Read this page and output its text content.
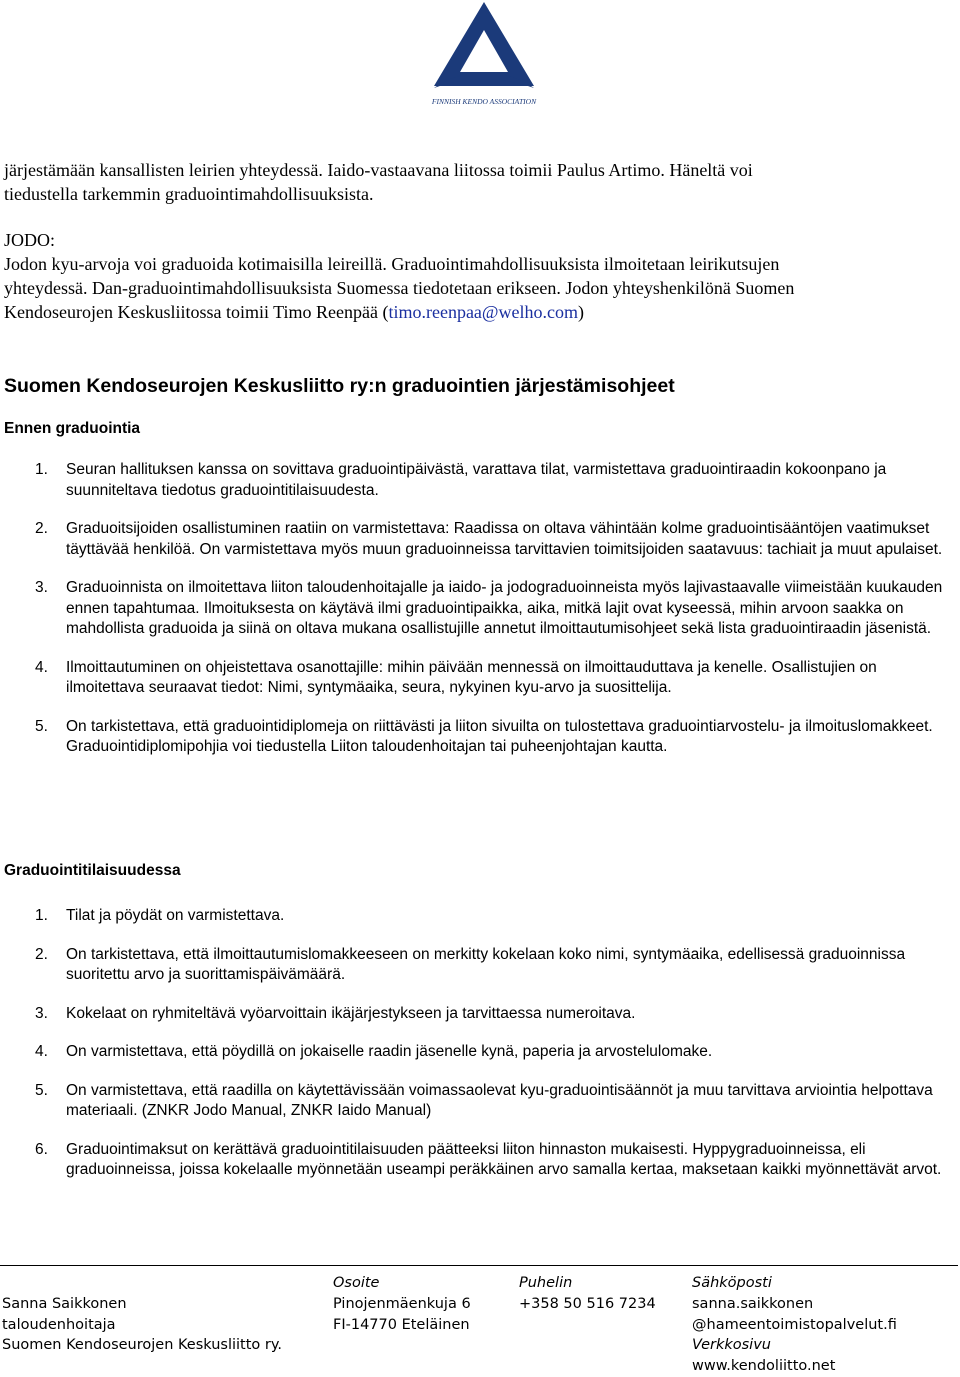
FINNISH KENDO ASSOCIATION

järjestämään kansallisten leirien yhteydessä. Iaido-vastaavana liitossa toimii Paulus Artimo. Häneltä voi

tiedustella tarkemmin graduointimahdollisuuksista.

JODO:

Jodon kyu-arvoja voi graduoida kotimaisilla leireillä. Graduointimahdollisuuksista ilmoitetaan leirikutsujen

yhteydessä. Dan-graduointimahdollisuuksista Suomessa tiedotetaan erikseen. Jodon yhteyshenkilönä Suomen

Kendoseurojen Keskusliitossa toimii Timo Reenpää (timo.reenpaa@welho.com)

Suomen Kendoseurojen Keskusliitto ry:n graduointien järjestämisohjeet
Ennen graduointia
1. Seuran hallituksen kanssa on sovittava graduointipäivästä, varattava tilat, varmistettava graduointiraadin kokoonpano ja suunniteltava tiedotus graduointitilaisuudesta.
2. Graduoitsijoiden osallistuminen raatiin on varmistettava: Raadissa on oltava vähintään kolme graduointisääntöjen vaatimukset täyttävää henkilöä. On varmistettava myös muun graduoinneissa tarvittavien toimitsijoiden saatavuus: tachiait ja muut apulaiset.
3. Graduoinnista on ilmoitettava liiton taloudenhoitajalle ja iaido- ja jodograduoinneista myös lajivastaavalle viimeistään kuukauden ennen tapahtumaa. Ilmoituksesta on käytävä ilmi graduointipaikka, aika, mitkä lajit ovat kyseessä, mihin arvoon saakka on mahdollista graduoida ja siinä on oltava mukana osallistujille annetut ilmoittautumisohjeet sekä lista graduointiraadin jäsenistä.
4. Ilmoittautuminen on ohjeistettava osanottajille: mihin päivään mennessä on ilmoittauduttava ja kenelle. Osallistujien on ilmoitettava seuraavat tiedot: Nimi, syntymäaika, seura, nykyinen kyu-arvo ja suosittelija.
5. On tarkistettava, että graduointidiplomeja on riittävästi ja liiton sivuilta on tulostettava graduointiarvostelu- ja ilmoituslomakkeet. Graduointidiplomipohjia voi tiedustella Liiton taloudenhoitajan tai puheenjohtajan kautta.
Graduointitilaisuudessa
1. Tilat ja pöydät on varmistettava.
2. On tarkistettava, että ilmoittautumislomakkeeseen on merkitty kokelaan koko nimi, syntymäaika, edellisessä graduoinnissa suoritettu arvo ja suorittamispäivämäärä.
3. Kokelaat on ryhmiteltävä vyöarvoittain ikäjärjestykseen ja tarvittaessa numeroitava.
4. On varmistettava, että pöydillä on jokaiselle raadin jäsenelle kynä, paperia ja arvostelulomake.
5. On varmistettava, että raadilla on käytettävissään voimassaolevat kyu-graduointisäännöt ja muu tarvittava arviointia helpottava materiaali. (ZNKR Jodo Manual, ZNKR Iaido Manual)
6. Graduointimaksut on kerättävä graduointitilaisuuden päätteeksi liiton hinnaston mukaisesti. Hyppygraduoinneissa, eli graduoinneissa, joissa kokelaalle myönnetään useampi peräkkäinen arvo samalla kertaa, maksetaan kaikki myönnettävät arvot.

Sanna Saikkonen
taloudenhoitaja
Suomen Kendoseurojen Keskusliitto ry.
Osoite
Pinojenmäenkuja 6
FI-14770 Eteläinen
Puhelin
+358 50 516 7234
Sähköposti
sanna.saikkonen
@hameentoimistopalvelut.fi
Verkkosivu
www.kendoliitto.net
